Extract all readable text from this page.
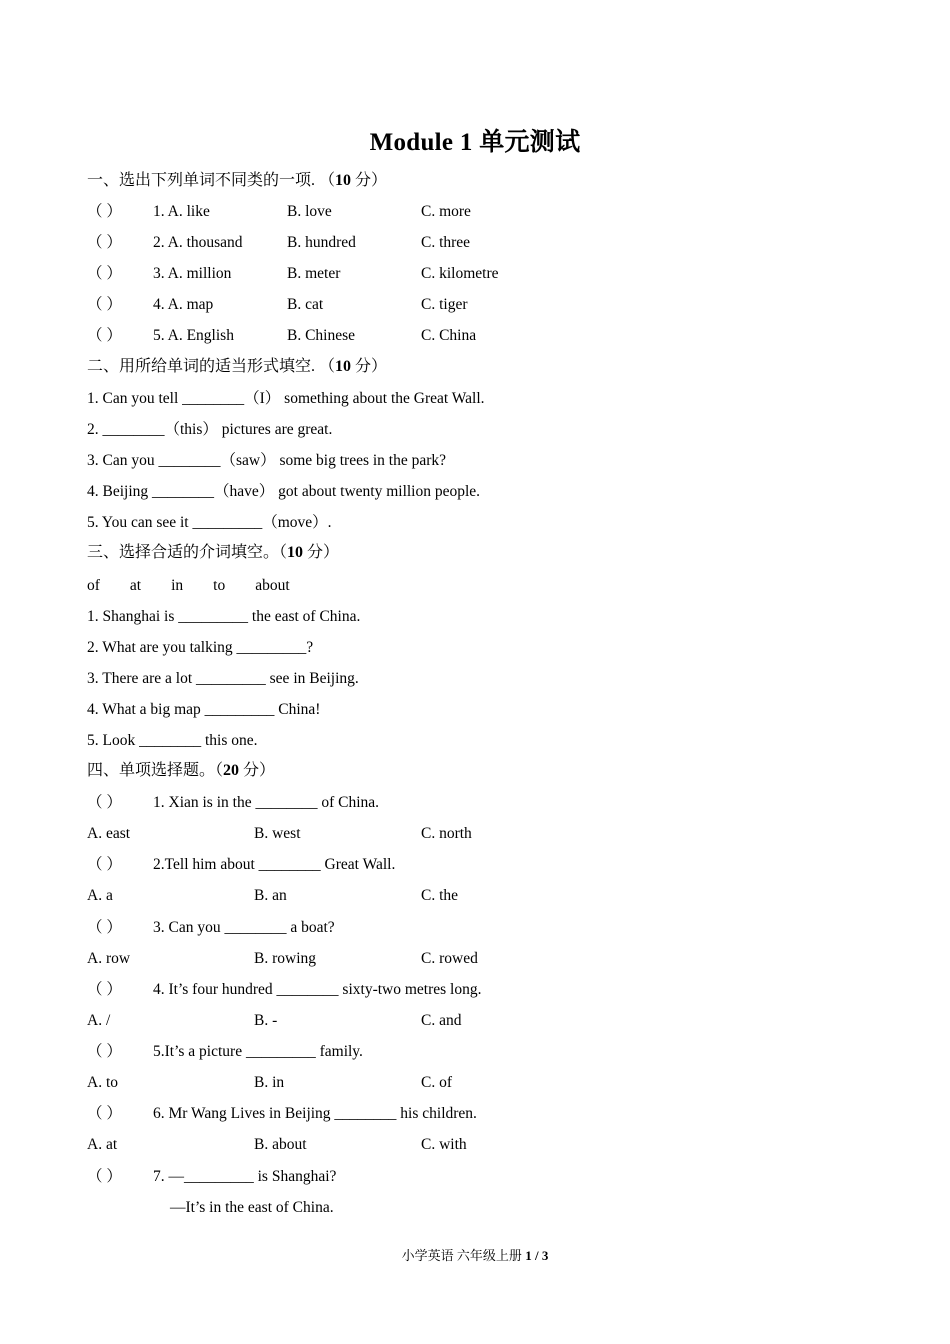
Module 1 单元测试
一、选出下列单词不同类的一项. （10 分）
（ ） 1. A. like	B. love	C. more
（ ） 2. A. thousand	B. hundred	C. three
（ ） 3. A. million	B. meter	C. kilometre
（ ） 4. A. map	B. cat	C. tiger
（ ） 5. A. English	B. Chinese	C. China
二、用所给单词的适当形式填空. （10 分）
1. Can you tell ________（I） something about the Great Wall.
2. ________（this） pictures are great.
3. Can you ________（saw） some big trees in the park?
4. Beijing ________（have） got about twenty million people.
5. You can see it _________（move）.
三、选择合适的介词填空。（10 分）
of at in to about
1. Shanghai is _________ the east of China.
2. What are you talking _________?
3. There are a lot _________ see in Beijing.
4. What a big map _________ China!
5. Look ________ this one.
四、单项选择题。（20 分）
（ ） 1. Xian is in the ________ of China.
A. east	B. west	C. north
（ ） 2.Tell him about ________ Great Wall.
A. a	B. an	C. the
（ ） 3. Can you ________ a boat?
A. row	B. rowing	C. rowed
（ ） 4. It’s four hundred ________ sixty-two metres long.
A. /	B. -	C. and
（ ） 5.It’s a picture _________ family.
A. to	B. in	C. of
（ ） 6. Mr Wang Lives in Beijing ________ his children.
A. at	B. about	C. with
（ ） 7. —_________ is Shanghai?
—It’s in the east of China.
小学英语 六年级上册 1 / 3
